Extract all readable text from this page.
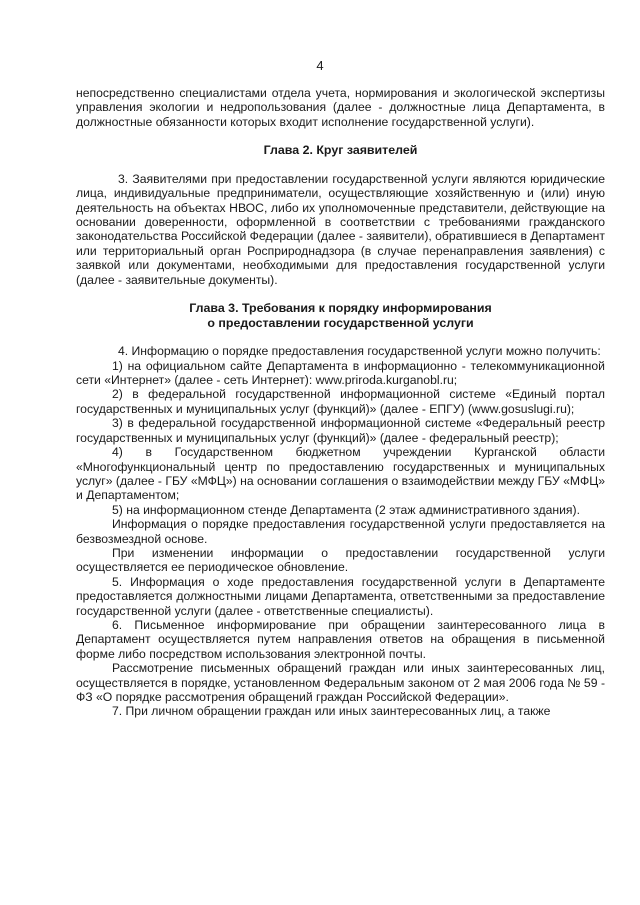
4

непосредственно специалистами отдела учета, нормирования и экологической экспертизы управления экологии и недропользования (далее - должностные лица Департамента, в должностные обязанности которых входит исполнение государственной услуги).

Глава 2. Круг заявителей

3. Заявителями при предоставлении государственной услуги являются юридические лица, индивидуальные предприниматели, осуществляющие хозяйственную и (или) иную деятельность на объектах НВОС, либо их уполномоченные представители, действующие на основании доверенности, оформленной в соответствии с требованиями гражданского законодательства Российской Федерации (далее - заявители), обратившиеся в Департамент или территориальный орган Росприроднадзора (в случае перенаправления заявления) с заявкой или документами, необходимыми для предоставления государственной услуги (далее - заявительные документы).

Глава 3. Требования к порядку информирования

о предоставлении государственной услуги

4. Информацию о порядке предоставления государственной услуги можно получить:

1) на официальном сайте Департамента в информационно - телекоммуникационной сети «Интернет» (далее - сеть Интернет): www.priroda.kurganobl.ru;

2) в федеральной государственной информационной системе «Единый портал государственных и муниципальных услуг (функций)» (далее - ЕПГУ) (www.gosuslugi.ru);

3) в федеральной государственной информационной системе «Федеральный реестр государственных и муниципальных услуг (функций)» (далее - федеральный реестр);

4) в Государственном бюджетном учреждении Курганской области «Многофункциональный центр по предоставлению государственных и муниципальных услуг» (далее - ГБУ «МФЦ») на основании соглашения о взаимодействии между ГБУ «МФЦ» и Департаментом;

5) на информационном стенде Департамента (2 этаж административного здания).

Информация о порядке предоставления государственной услуги предоставляется на безвозмездной основе.

При изменении информации о предоставлении государственной услуги осуществляется ее периодическое обновление.

5. Информация о ходе предоставления государственной услуги в Департаменте предоставляется должностными лицами Департамента, ответственными за предоставление государственной услуги (далее - ответственные специалисты).

6. Письменное информирование при обращении заинтересованного лица в Департамент осуществляется путем направления ответов на обращения в письменной форме либо посредством использования электронной почты.

Рассмотрение письменных обращений граждан или иных заинтересованных лиц, осуществляется в порядке, установленном Федеральным законом от 2 мая 2006 года № 59 - ФЗ «О порядке рассмотрения обращений граждан Российской Федерации».

7. При личном обращении граждан или иных заинтересованных лиц, а также
